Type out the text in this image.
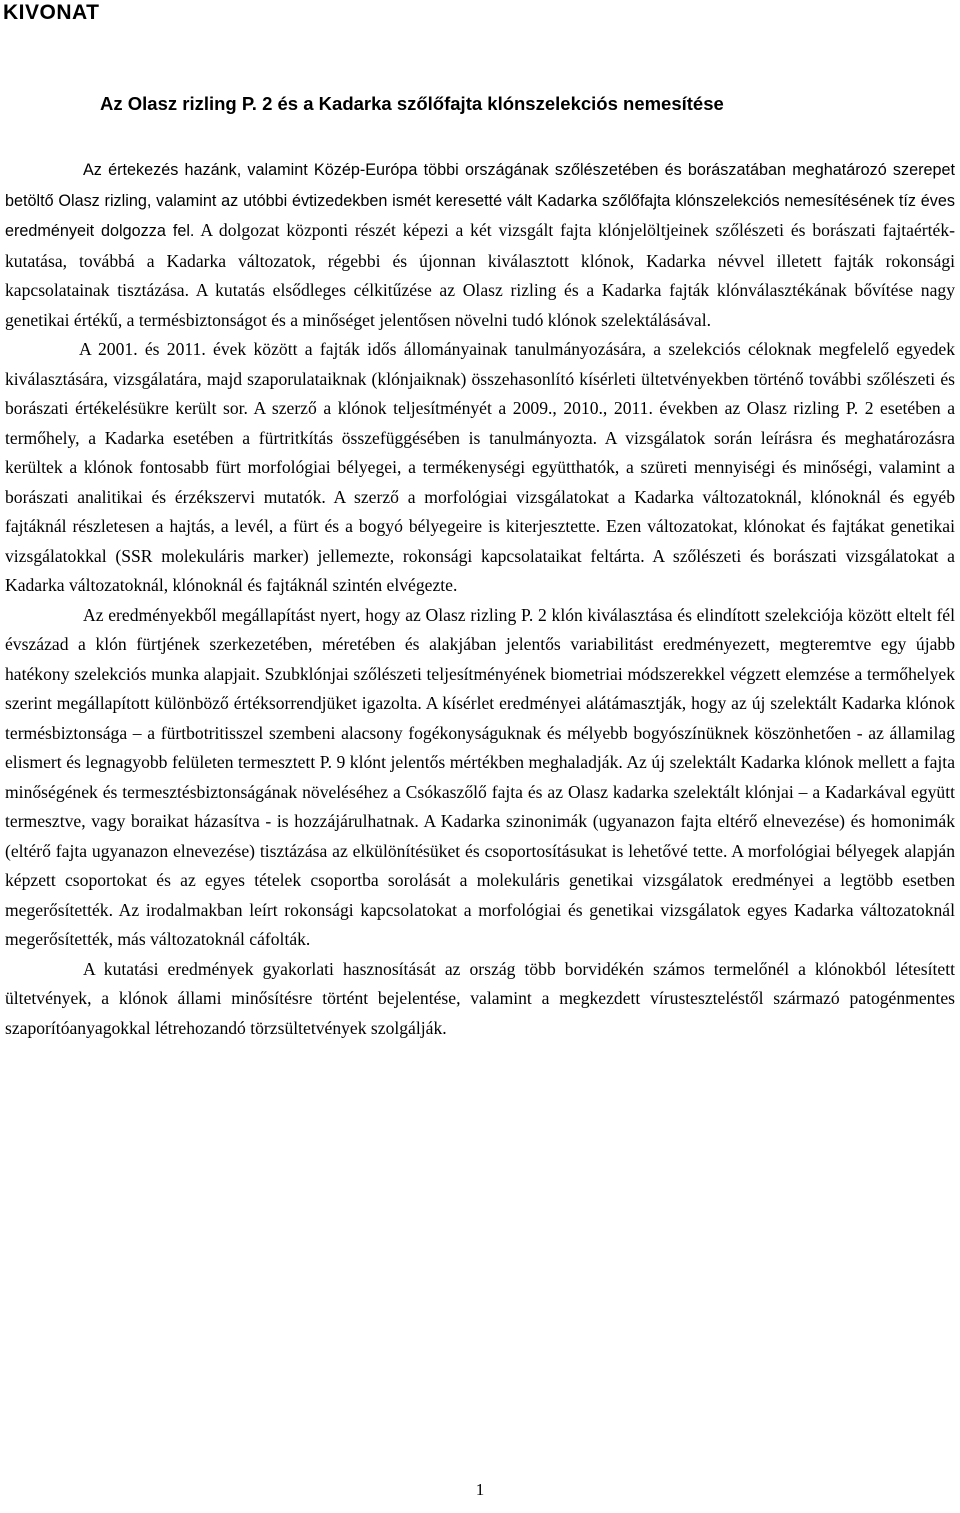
KIVONAT
Az Olasz rizling P. 2 és a Kadarka szőlőfajta klónszelekciós nemesítése

Az értekezés hazánk, valamint Közép-Európa többi országának szőlészetében és borászatában meghatározó szerepet betöltő Olasz rizling, valamint az utóbbi évtizedekben ismét keresetté vált Kadarka szőlőfajta klónszelekciós nemesítésének tíz éves eredményeit dolgozza fel. A dolgozat központi részét képezi a két vizsgált fajta klónjelöltjeinek szőlészeti és borászati fajtaérték-kutatása, továbbá a Kadarka változatok, régebbi és újonnan kiválasztott klónok, Kadarka névvel illetett fajták rokonsági kapcsolatainak tisztázása. A kutatás elsődleges célkitűzése az Olasz rizling és a Kadarka fajták klónválasztékának bővítése nagy genetikai értékű, a termésbiztonságot és a minőséget jelentősen növelni tudó klónok szelektálásával.

A 2001. és 2011. évek között a fajták idős állományainak tanulmányozására, a szelekciós céloknak megfelelő egyedek kiválasztására, vizsgálatára, majd szaporulataiknak (klónjaiknak) összehasonlító kísérleti ültetvényekben történő további szőlészeti és borászati értékelésükre került sor. A szerző a klónok teljesítményét a 2009., 2010., 2011. években az Olasz rizling P. 2 esetében a termőhely, a Kadarka esetében a fürtritkítás összefüggésében is tanulmányozta. A vizsgálatok során leírásra és meghatározásra kerültek a klónok fontosabb fürt morfológiai bélyegei, a termékenységi együtthatók, a szüreti mennyiségi és minőségi, valamint a borászati analitikai és érzékszervi mutatók. A szerző a morfológiai vizsgálatokat a Kadarka változatoknál, klónoknál és egyéb fajtáknál részletesen a hajtás, a levél, a fürt és a bogyó bélyegeire is kiterjesztette. Ezen változatokat, klónokat és fajtákat genetikai vizsgálatokkal (SSR molekuláris marker) jellemezte, rokonsági kapcsolataikat feltárta. A szőlészeti és borászati vizsgálatokat a Kadarka változatoknál, klónoknál és fajtáknál szintén elvégezte.

Az eredményekből megállapítást nyert, hogy az Olasz rizling P. 2 klón kiválasztása és elindított szelekciója között eltelt fél évszázad a klón fürtjének szerkezetében, méretében és alakjában jelentős variabilitást eredményezett, megteremtve egy újabb hatékony szelekciós munka alapjait. Szubklónjai szőlészeti teljesítményének biometriai módszerekkel végzett elemzése a termőhelyek szerint megállapított különböző értéksorrendjüket igazolta. A kísérlet eredményei alátámasztják, hogy az új szelektált Kadarka klónok termésbiztonsága – a fürtbotritisszel szembeni alacsony fogékonyságuknak és mélyebb bogyószínüknek köszönhetően - az államilag elismert és legnagyobb felületen termesztett P. 9 klónt jelentős mértékben meghaladják. Az új szelektált Kadarka klónok mellett a fajta minőségének és termesztésbiztonságának növeléséhez a Csókaszőlő fajta és az Olasz kadarka szelektált klónjai – a Kadarkával együtt termesztve, vagy boraikat házasítva - is hozzájárulhatnak. A Kadarka szinonimák (ugyanazon fajta eltérő elnevezése) és homonimák (eltérő fajta ugyanazon elnevezése) tisztázása az elkülönítésüket és csoportosításukat is lehetővé tette. A morfológiai bélyegek alapján képzett csoportokat és az egyes tételek csoportba sorolását a molekuláris genetikai vizsgálatok eredményei a legtöbb esetben megerősítették. Az irodalmakban leírt rokonsági kapcsolatokat a morfológiai és genetikai vizsgálatok egyes Kadarka változatoknál megerősítették, más változatoknál cáfolták.

A kutatási eredmények gyakorlati hasznosítását az ország több borvidékén számos termelőnél a klónokból létesített ültetvények, a klónok állami minősítésre történt bejelentése, valamint a megkezdett vírusteszteléstől származó patogénmentes szaporítóanyagokkal létrehozandó törzsültetvények szolgálják.

1
